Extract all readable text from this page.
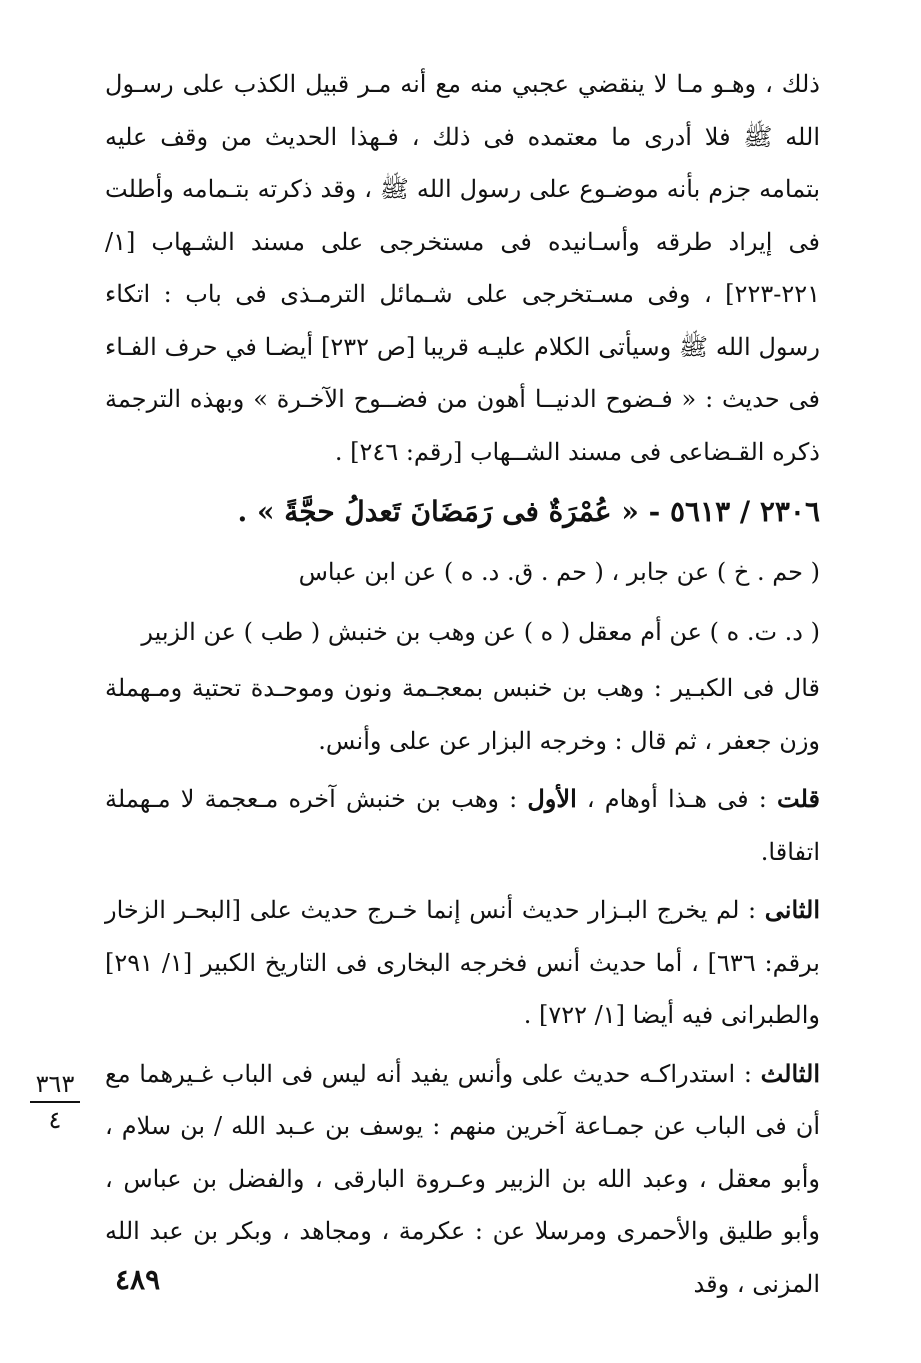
ذلك ، وهـو مـا لا ينقضي عجبي منه مع أنه مـر قبيل الكذب على رسـول الله ﷺ فلا أدرى ما معتمده فى ذلك ، فـهذا الحديث من وقف عليه بتمامه جزم بأنه موضـوع على رسول الله ﷺ ، وقد ذكرته بتـمامه وأطلت فى إيراد طرقه وأسـانيده فى مستخرجى على مسند الشـهاب [١/ ٢٢١-٢٢٣] ، وفى مسـتخرجى على شـمائل الترمـذى فى باب : اتكاء رسول الله ﷺ وسيأتى الكلام عليـه قريبا [ص ٢٣٢] أيضـا في حرف الفـاء فى حديث : « فـضوح الدنيــا أهون من فضــوح الآخـرة » وبهذه الترجمة ذكره القـضاعى فى مسند الشــهاب [رقم: ٢٤٦] .

٢٣٠٦ / ٥٦١٣ - « عُمْرَةٌ فى رَمَضَانَ تَعدلُ حجَّةً » .

( حم . خ ) عن جابر ، ( حم . ق. د. ه ) عن ابن عباس

( د. ت. ه ) عن أم معقل ( ه ) عن وهب بن خنبش ( طب ) عن الزبير

قال فى الكبـير : وهب بن خنبس بمعجـمة ونون وموحـدة تحتية ومـهملة وزن جعفر ، ثم قال : وخرجه البزار عن على وأنس.

قلت : فى هـذا أوهام ، الأول : وهب بن خنبش آخره مـعجمة لا مـهملة اتفاقا.

الثانى : لم يخرج البـزار حديث أنس إنما خـرج حديث على [البحـر الزخار برقم: ٦٣٦] ، أما حديث أنس فخرجه البخارى فى التاريخ الكبير [١/ ٢٩١] والطبرانى فيه أيضا [١/ ٧٢٢] .

الثالث : استدراكـه حديث على وأنس يفيد أنه ليس فى الباب غـيرهما مع أن فى الباب عن جمـاعة آخرين منهم : يوسف بن عـبد الله / بن سلام ، وأبو معقل ، وعبد الله بن الزبير وعـروة البارقى ، والفضل بن عباس ، وأبو طليق والأحمرى ومرسلا عن : عكرمة ، ومجاهد ، وبكر بن عبد الله المزنى ، وقد

٣٦٣
٤
٤٨٩
